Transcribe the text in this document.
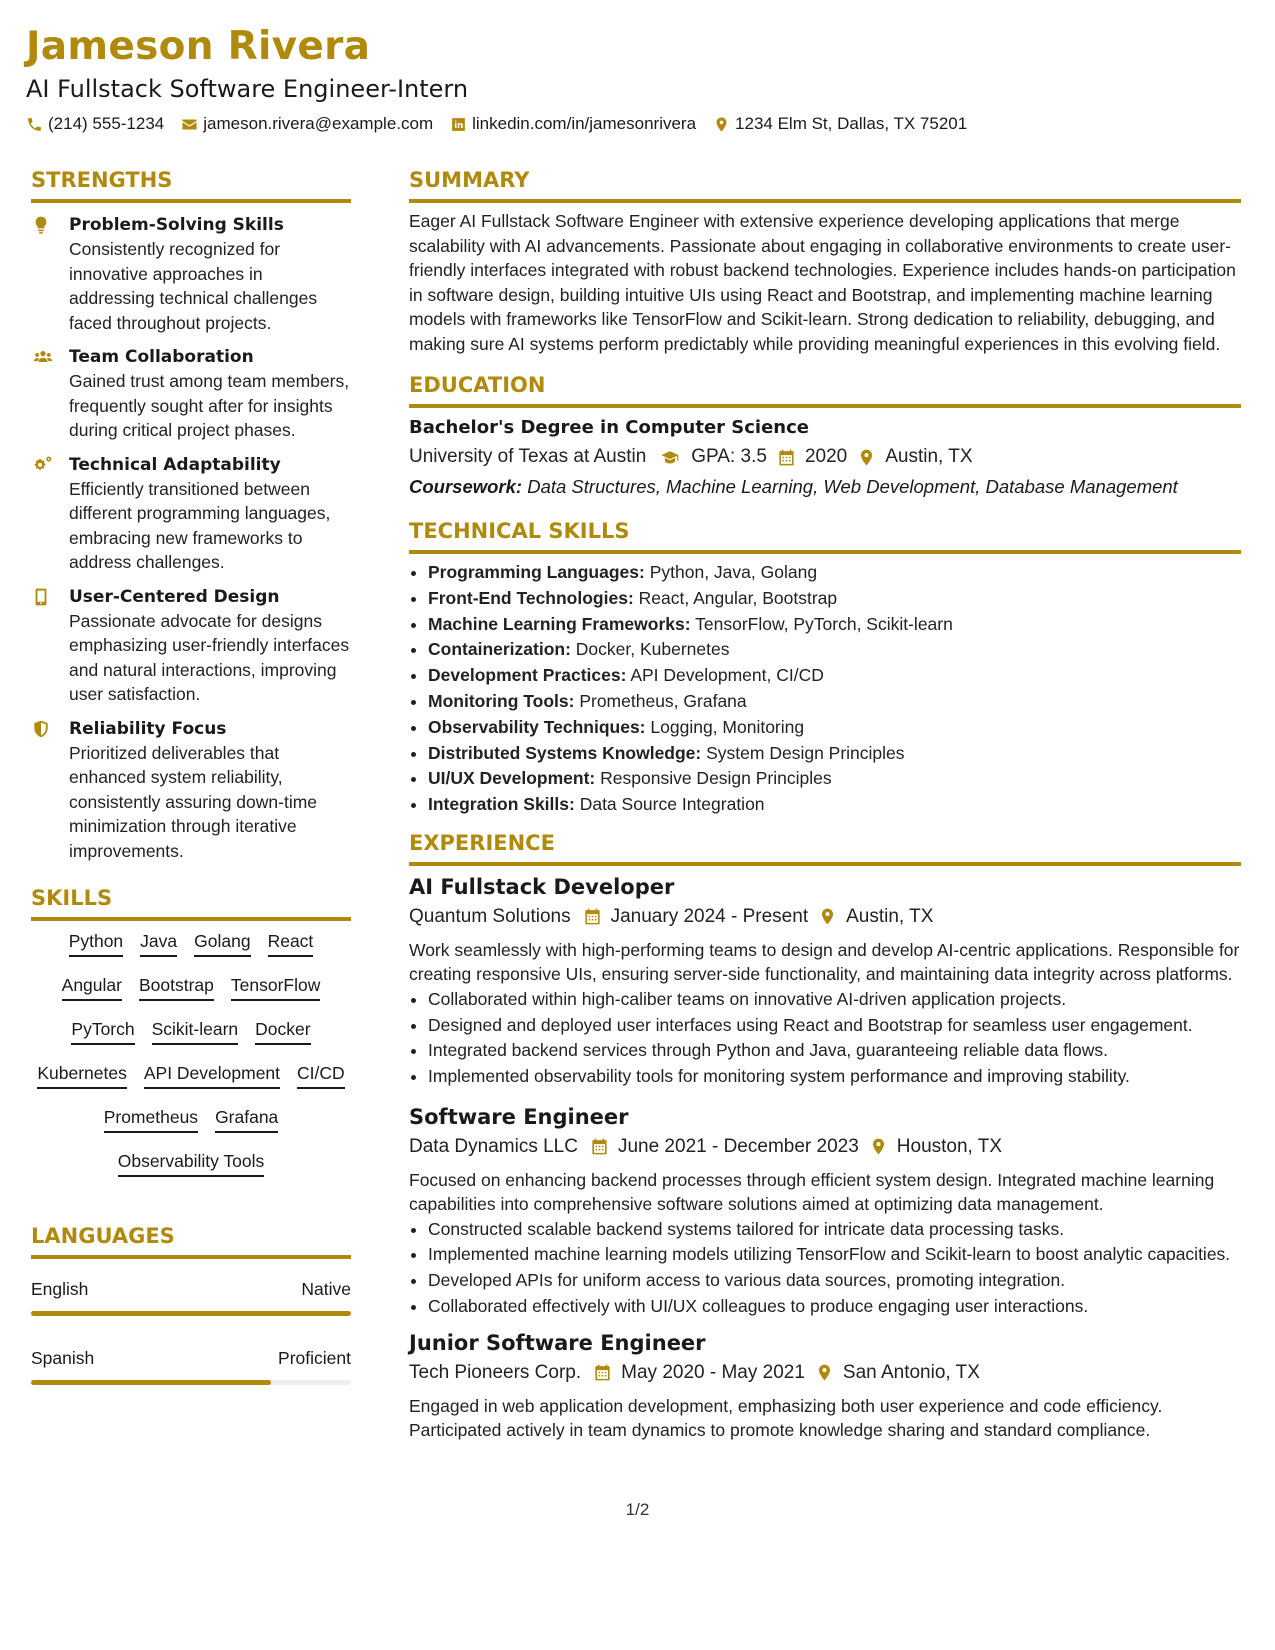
Jameson Rivera

AI Fullstack Software Engineer-Intern

(214) 555-1234 jameson.rivera@example.com linkedin.com/in/jamesonrivera 1234 Elm St, Dallas, TX 75201
STRENGTHS
Problem-Solving Skills
Consistently recognized for innovative approaches in addressing technical challenges faced throughout projects.
Team Collaboration
Gained trust among team members, frequently sought after for insights during critical project phases.
Technical Adaptability
Efficiently transitioned between different programming languages, embracing new frameworks to address challenges.
User-Centered Design
Passionate advocate for designs emphasizing user-friendly interfaces and natural interactions, improving user satisfaction.
Reliability Focus
Prioritized deliverables that enhanced system reliability, consistently assuring down-time minimization through iterative improvements.
SKILLS
Python Java Golang React
Angular Bootstrap TensorFlow
PyTorch Scikit-learn Docker
Kubernetes API Development CI/CD
Prometheus Grafana
Observability Tools
LANGUAGES
English	Native
Spanish	Proficient
SUMMARY

Eager AI Fullstack Software Engineer with extensive experience developing applications that merge scalability with AI advancements. Passionate about engaging in collaborative environments to create user-friendly interfaces integrated with robust backend technologies. Experience includes hands-on participation in software design, building intuitive UIs using React and Bootstrap, and implementing machine learning models with frameworks like TensorFlow and Scikit-learn. Strong dedication to reliability, debugging, and making sure AI systems perform predictably while providing meaningful experiences in this evolving field.

EDUCATION
Bachelor's Degree in Computer Science
University of Texas at Austin GPA: 3.5 2020 Austin, TX
Coursework: Data Structures, Machine Learning, Web Development, Database Management
TECHNICAL SKILLS
• Programming Languages: Python, Java, Golang
• Front-End Technologies: React, Angular, Bootstrap
• Machine Learning Frameworks: TensorFlow, PyTorch, Scikit-learn
• Containerization: Docker, Kubernetes
• Development Practices: API Development, CI/CD
• Monitoring Tools: Prometheus, Grafana
• Observability Techniques: Logging, Monitoring
• Distributed Systems Knowledge: System Design Principles
• UI/UX Development: Responsive Design Principles
• Integration Skills: Data Source Integration
EXPERIENCE
AI Fullstack Developer
Quantum Solutions January 2024 - Present Austin, TX

Work seamlessly with high-performing teams to design and develop AI-centric applications. Responsible for creating responsive UIs, ensuring server-side functionality, and maintaining data integrity across platforms.

• Collaborated within high-caliber teams on innovative AI-driven application projects.
• Designed and deployed user interfaces using React and Bootstrap for seamless user engagement.
• Integrated backend services through Python and Java, guaranteeing reliable data flows.
• Implemented observability tools for monitoring system performance and improving stability.
Software Engineer
Data Dynamics LLC June 2021 - December 2023 Houston, TX

Focused on enhancing backend processes through efficient system design. Integrated machine learning capabilities into comprehensive software solutions aimed at optimizing data management.

• Constructed scalable backend systems tailored for intricate data processing tasks.
• Implemented machine learning models utilizing TensorFlow and Scikit-learn to boost analytic capacities.
• Developed APIs for uniform access to various data sources, promoting integration.
• Collaborated effectively with UI/UX colleagues to produce engaging user interactions.
Junior Software Engineer
Tech Pioneers Corp. May 2020 - May 2021 San Antonio, TX

Engaged in web application development, emphasizing both user experience and code efficiency. Participated actively in team dynamics to promote knowledge sharing and standard compliance.

1/2
